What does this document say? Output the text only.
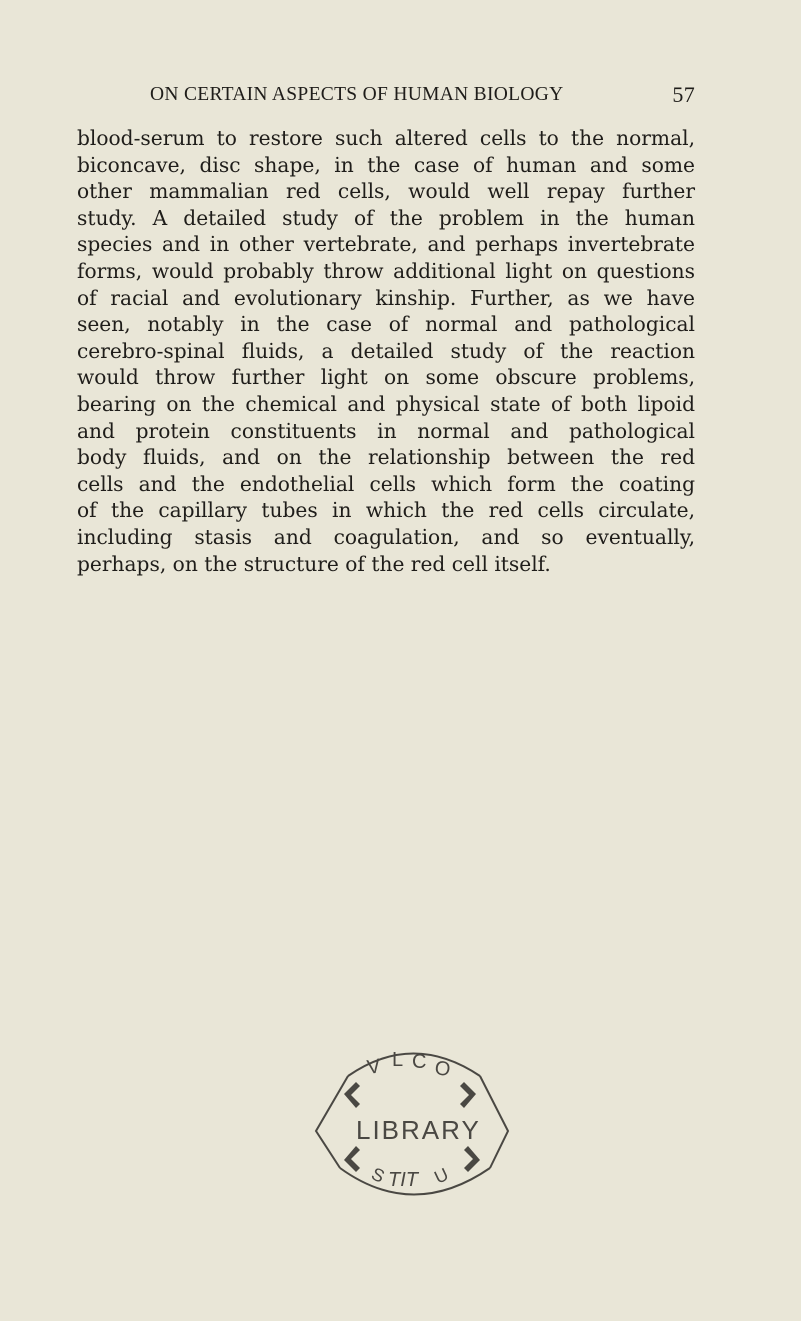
ON CERTAIN ASPECTS OF HUMAN BIOLOGY	57
blood-serum to restore such altered cells to the normal,
biconcave, disc shape, in the case of human and some
other mammalian red cells, would well repay further
study. A detailed study of the problem in the human
species and in other vertebrate, and perhaps invertebrate
forms, would probably throw additional light on questions
of racial and evolutionary kinship. Further, as we have
seen, notably in the case of normal and pathological
cerebro-spinal fluids, a detailed study of the reaction
would throw further light on some obscure problems,
bearing on the chemical and physical state of both lipoid
and protein constituents in normal and pathological
body fluids, and on the relationship between the red
cells and the endothelial cells which form the coating
of the capillary tubes in which the red cells circulate,
including stasis and coagulation, and so eventually,
perhaps, on the structure of the red cell itself.
V L C O
LIBRARY
TIT
S U
